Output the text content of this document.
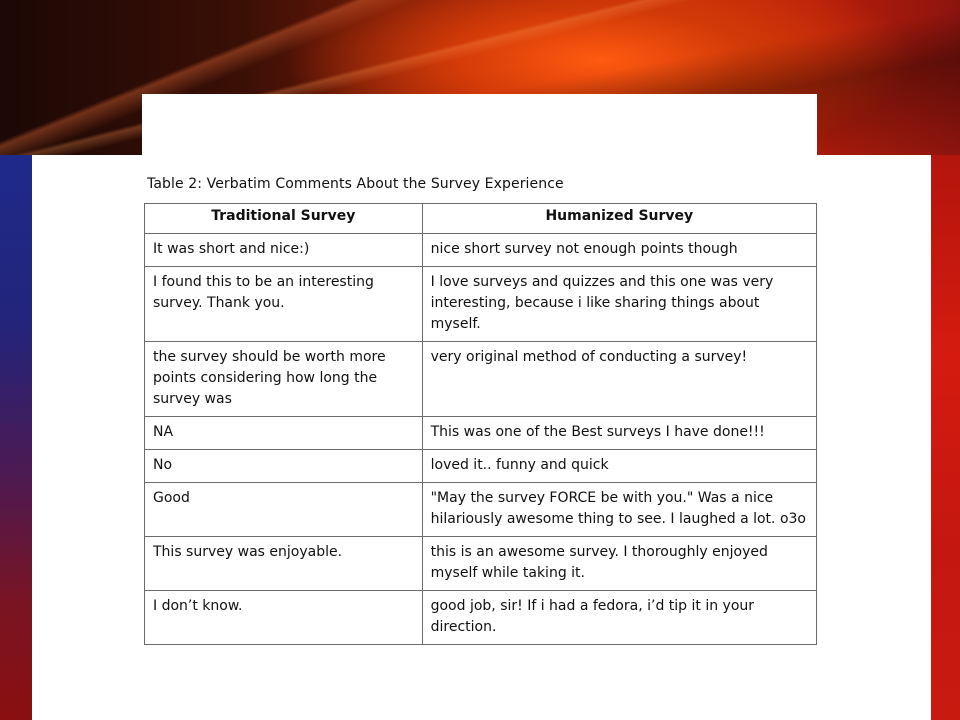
Table 2: Verbatim Comments About the Survey Experience
Traditional Survey	Humanized Survey
It was short and nice:)	nice short survey not enough points though
I found this to be an interesting survey. Thank you.	I love surveys and quizzes and this one was very interesting, because i like sharing things about myself.
the survey should be worth more points considering how long the survey was	very original method of conducting a survey!
NA	This was one of the Best surveys I have done!!!
No	loved it.. funny and quick
Good	"May the survey FORCE be with you." Was a nice hilariously awesome thing to see. I laughed a lot. o3o
This survey was enjoyable.	this is an awesome survey. I thoroughly enjoyed myself while taking it.
I don’t know.	good job, sir! If i had a fedora, i’d tip it in your direction.
